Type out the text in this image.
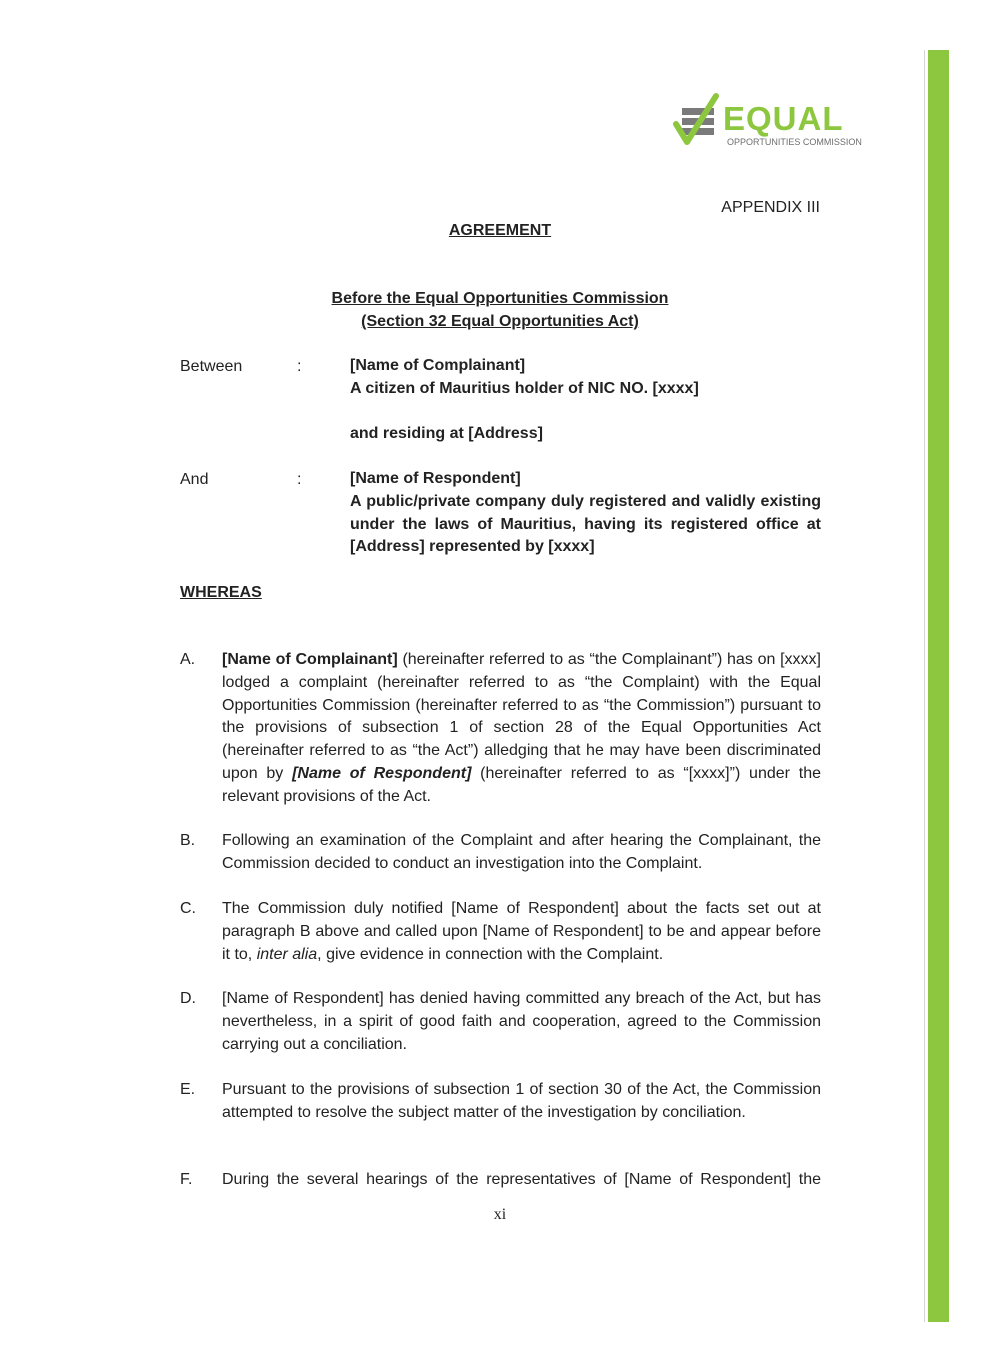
EQUAL
OPPORTUNITIES COMMISSION
APPENDIX III
AGREEMENT
Before the Equal Opportunities Commission
(Section 32 Equal Opportunities Act)
Between	:	[Name of Complainant]
A citizen of Mauritius holder of NIC NO. [xxxx]
and residing at [Address]
And	:	[Name of Respondent]
A public/private company duly registered and validly existing under the laws of Mauritius, having its registered office at [Address] represented by [xxxx]
WHEREAS
A. [Name of Complainant] (hereinafter referred to as “the Complainant”) has on [xxxx] lodged a complaint (hereinafter referred to as “the Complaint) with the Equal Opportunities Commission (hereinafter referred to as “the Commission”) pursuant to the provisions of subsection 1 of section 28 of the Equal Opportunities Act (hereinafter referred to as “the Act”) alledging that he may have been discriminated upon by [Name of Respondent] (hereinafter referred to as “[xxxx]”) under the relevant provisions of the Act.
B. Following an examination of the Complaint and after hearing the Complainant, the Commission decided to conduct an investigation into the Complaint.
C. The Commission duly notified [Name of Respondent] about the facts set out at paragraph B above and called upon [Name of Respondent] to be and appear before it to, inter alia, give evidence in connection with the Complaint.
D. [Name of Respondent] has denied having committed any breach of the Act, but has nevertheless, in a spirit of good faith and cooperation, agreed to the Commission      carrying out a conciliation.
E. Pursuant to the provisions of subsection 1 of section 30 of the Act, the Commission attempted to resolve the subject matter of the investigation by conciliation.
F. During the several hearings of the representatives of [Name of Respondent] the
xi
